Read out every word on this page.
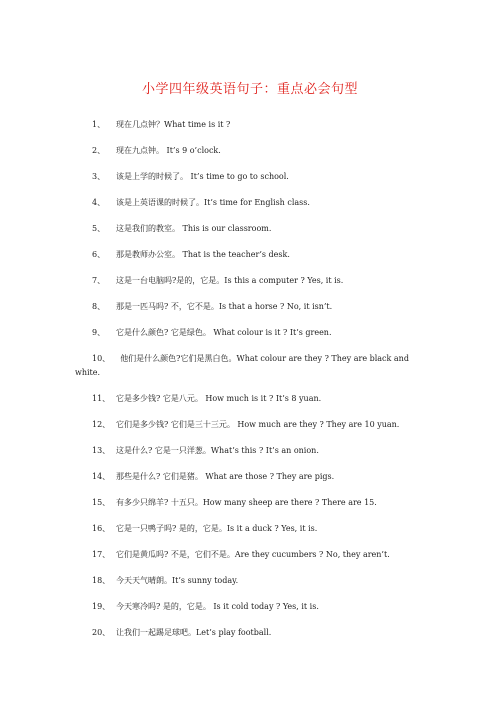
小学四年级英语句子：重点必会句型
1、 现在几点钟？What time is it ?
2、 现在九点钟。 It’s 9 o’clock.
3、 该是上学的时候了。 It’s time to go to school.
4、 该是上英语课的时候了。It’s time for English class.
5、 这是我们的教室。 This is our classroom.
6、 那是教师办公室。 That is the teacher’s desk.
7、 这是一台电脑吗?是的，它是。Is this a computer ? Yes, it is.
8、 那是一匹马吗? 不，它不是。Is that a horse ? No, it isn’t.
9、 它是什么颜色? 它是绿色。 What colour is it ? It’s green.
10、 他们是什么颜色?它们是黑白色。What colour are they ? They are black and
white.
11、 它是多少钱? 它是八元。 How much is it ? It’s 8 yuan.
12、 它们是多少钱? 它们是三十三元。 How much are they ? They are 10 yuan.
13、 这是什么? 它是一只洋葱。What’s this ? It’s an onion.
14、 那些是什么? 它们是猪。 What are those ? They are pigs.
15、 有多少只绵羊? 十五只。How many sheep are there ? There are 15.
16、 它是一只鸭子吗? 是的，它是。Is it a duck ? Yes, it is.
17、 它们是黄瓜吗? 不是，它们不是。Are they cucumbers ? No, they aren’t.
18、 今天天气晴朗。It’s sunny today.
19、 今天寒冷吗? 是的，它是。 Is it cold today ? Yes, it is.
20、 让我们一起踢足球吧。Let’s play football.
